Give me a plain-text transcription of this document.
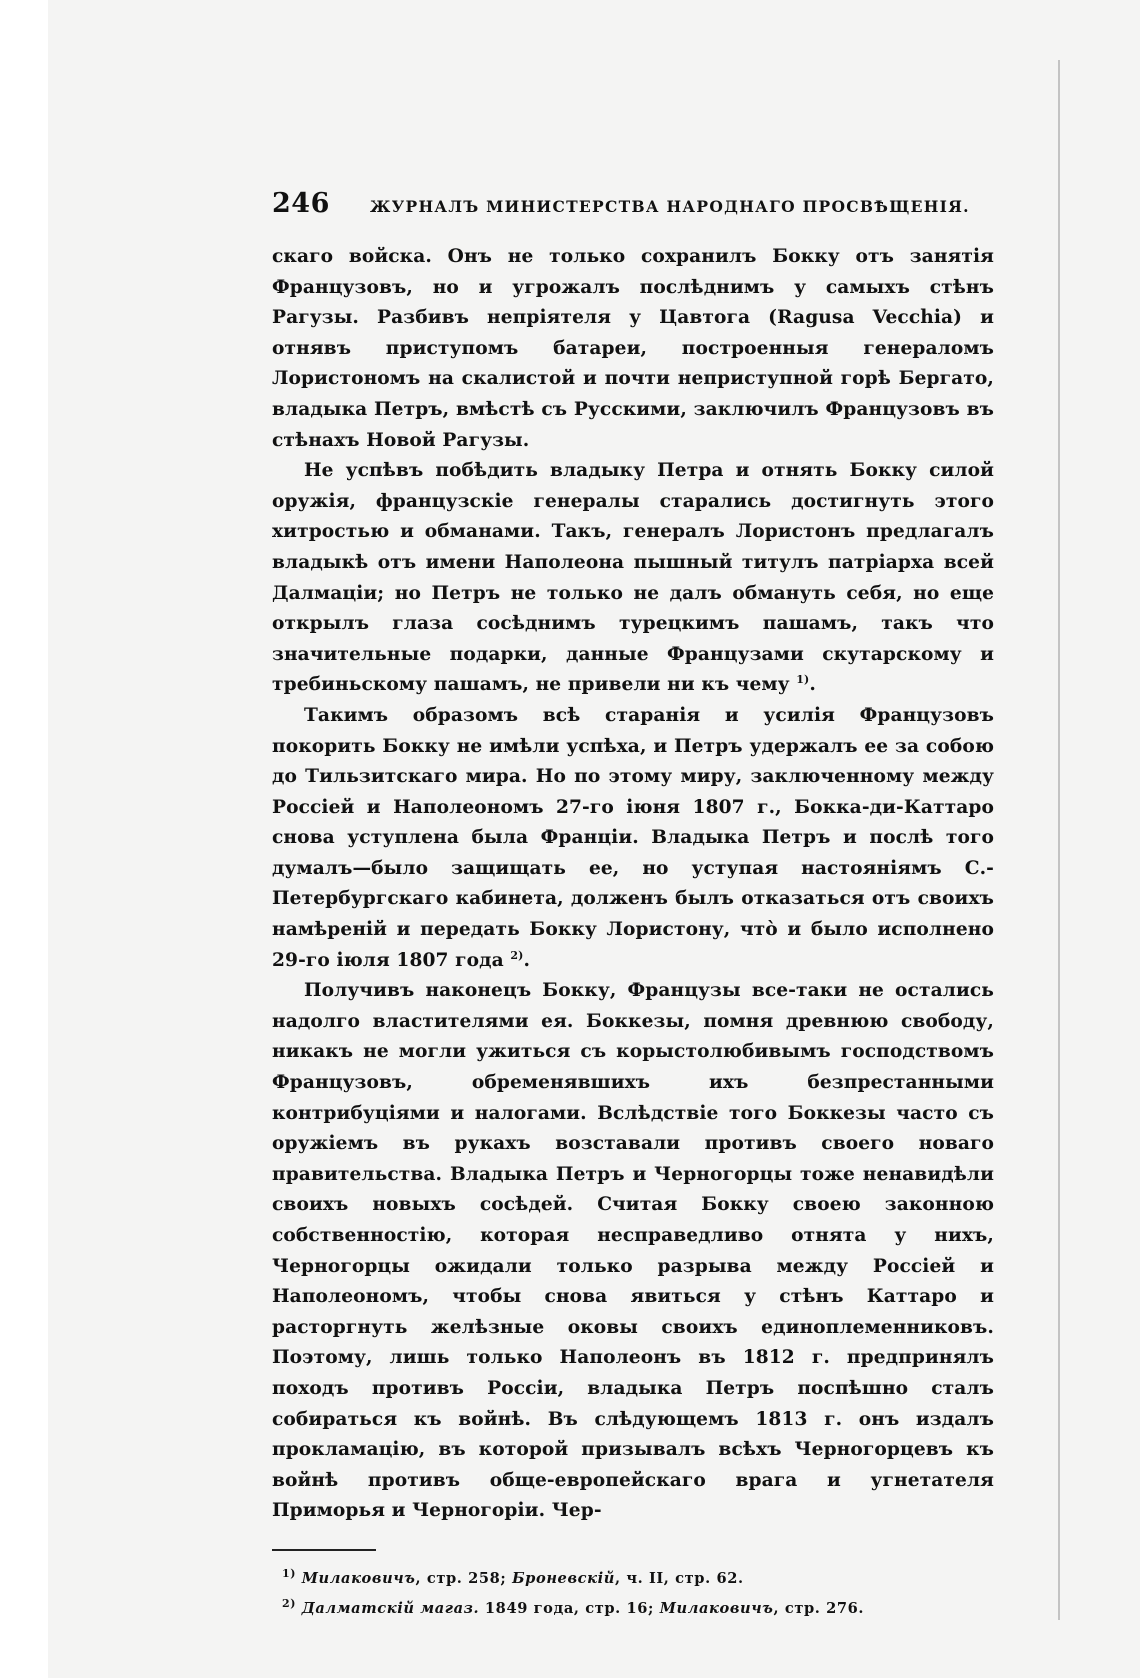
246	ЖУРНАЛЪ МИНИСТЕРСТВА НАРОДНАГО ПРОСВѢЩЕНІЯ.

скаго войска. Онъ не только сохранилъ Бокку отъ занятія Французовъ, но и угрожалъ послѣднимъ у самыхъ стѣнъ Рагузы. Разбивъ непріятеля у Цавтога (Ragusa Vecchia) и отнявъ приступомъ батареи, построенныя генераломъ Лористономъ на скалистой и почти неприступной горѣ Бергато, владыка Петръ, вмѣстѣ съ Русскими, заключилъ Французовъ въ стѣнахъ Новой Рагузы.

Не успѣвъ побѣдить владыку Петра и отнять Бокку силой оружія, французскіе генералы старались достигнуть этого хитростью и обманами. Такъ, генералъ Лористонъ предлагалъ владыкѣ отъ имени Наполеона пышный титулъ патріарха всей Далмаціи; но Петръ не только не далъ обмануть себя, но еще открылъ глаза сосѣднимъ турецкимъ пашамъ, такъ что значительные подарки, данные Французами скутарскому и требиньскому пашамъ, не привели ни къ чему $^{1)}$.

Такимъ образомъ всѣ старанія и усилія Французовъ покорить Бокку не имѣли успѣха, и Петръ удержалъ ее за собою до Тильзитскаго мира. Но по этому миру, заключенному между Россіей и Наполеономъ 27-го іюня 1807 г., Бокка-ди-Каттаро снова уступлена была Франціи. Владыка Петръ и послѣ того думалъ—было защищать ее, но уступая настояніямъ С.-Петербургскаго кабинета, долженъ былъ отказаться отъ своихъ намѣреній и передать Бокку Лористону, что̀ и было исполнено 29-го іюля 1807 года $^{2)}$.

Получивъ наконецъ Бокку, Французы все-таки не остались надолго властителями ея. Боккезы, помня древнюю свободу, никакъ не могли ужиться съ корыстолюбивымъ господствомъ Французовъ, обременявшихъ ихъ безпрестанными контрибуціями и налогами. Вслѣдствіе того Боккезы часто съ оружіемъ въ рукахъ возставали противъ своего новаго правительства. Владыка Петръ и Черногорцы тоже ненавидѣли своихъ новыхъ сосѣдей. Считая Бокку своею законною собственностію, которая несправедливо отнята у нихъ, Черногорцы ожидали только разрыва между Россіей и Наполеономъ, чтобы снова явиться у стѣнъ Каттаро и расторгнуть желѣзные оковы своихъ единоплеменниковъ. Поэтому, лишь только Наполеонъ въ 1812 г. предпринялъ походъ противъ Россіи, владыка Петръ поспѣшно сталъ собираться къ войнѣ. Въ слѣдующемъ 1813 г. онъ издалъ прокламацію, въ которой призывалъ всѣхъ Черногорцевъ къ войнѣ противъ обще-европейскаго врага и угнетателя Приморья и Черногоріи. Чер-

$^{1)}$ Милаковичъ, стр. 258; Броневскій, ч. II, стр. 62.
$^{2)}$ Далматскій магаз. 1849 года, стр. 16; Милаковичъ, стр. 276.
